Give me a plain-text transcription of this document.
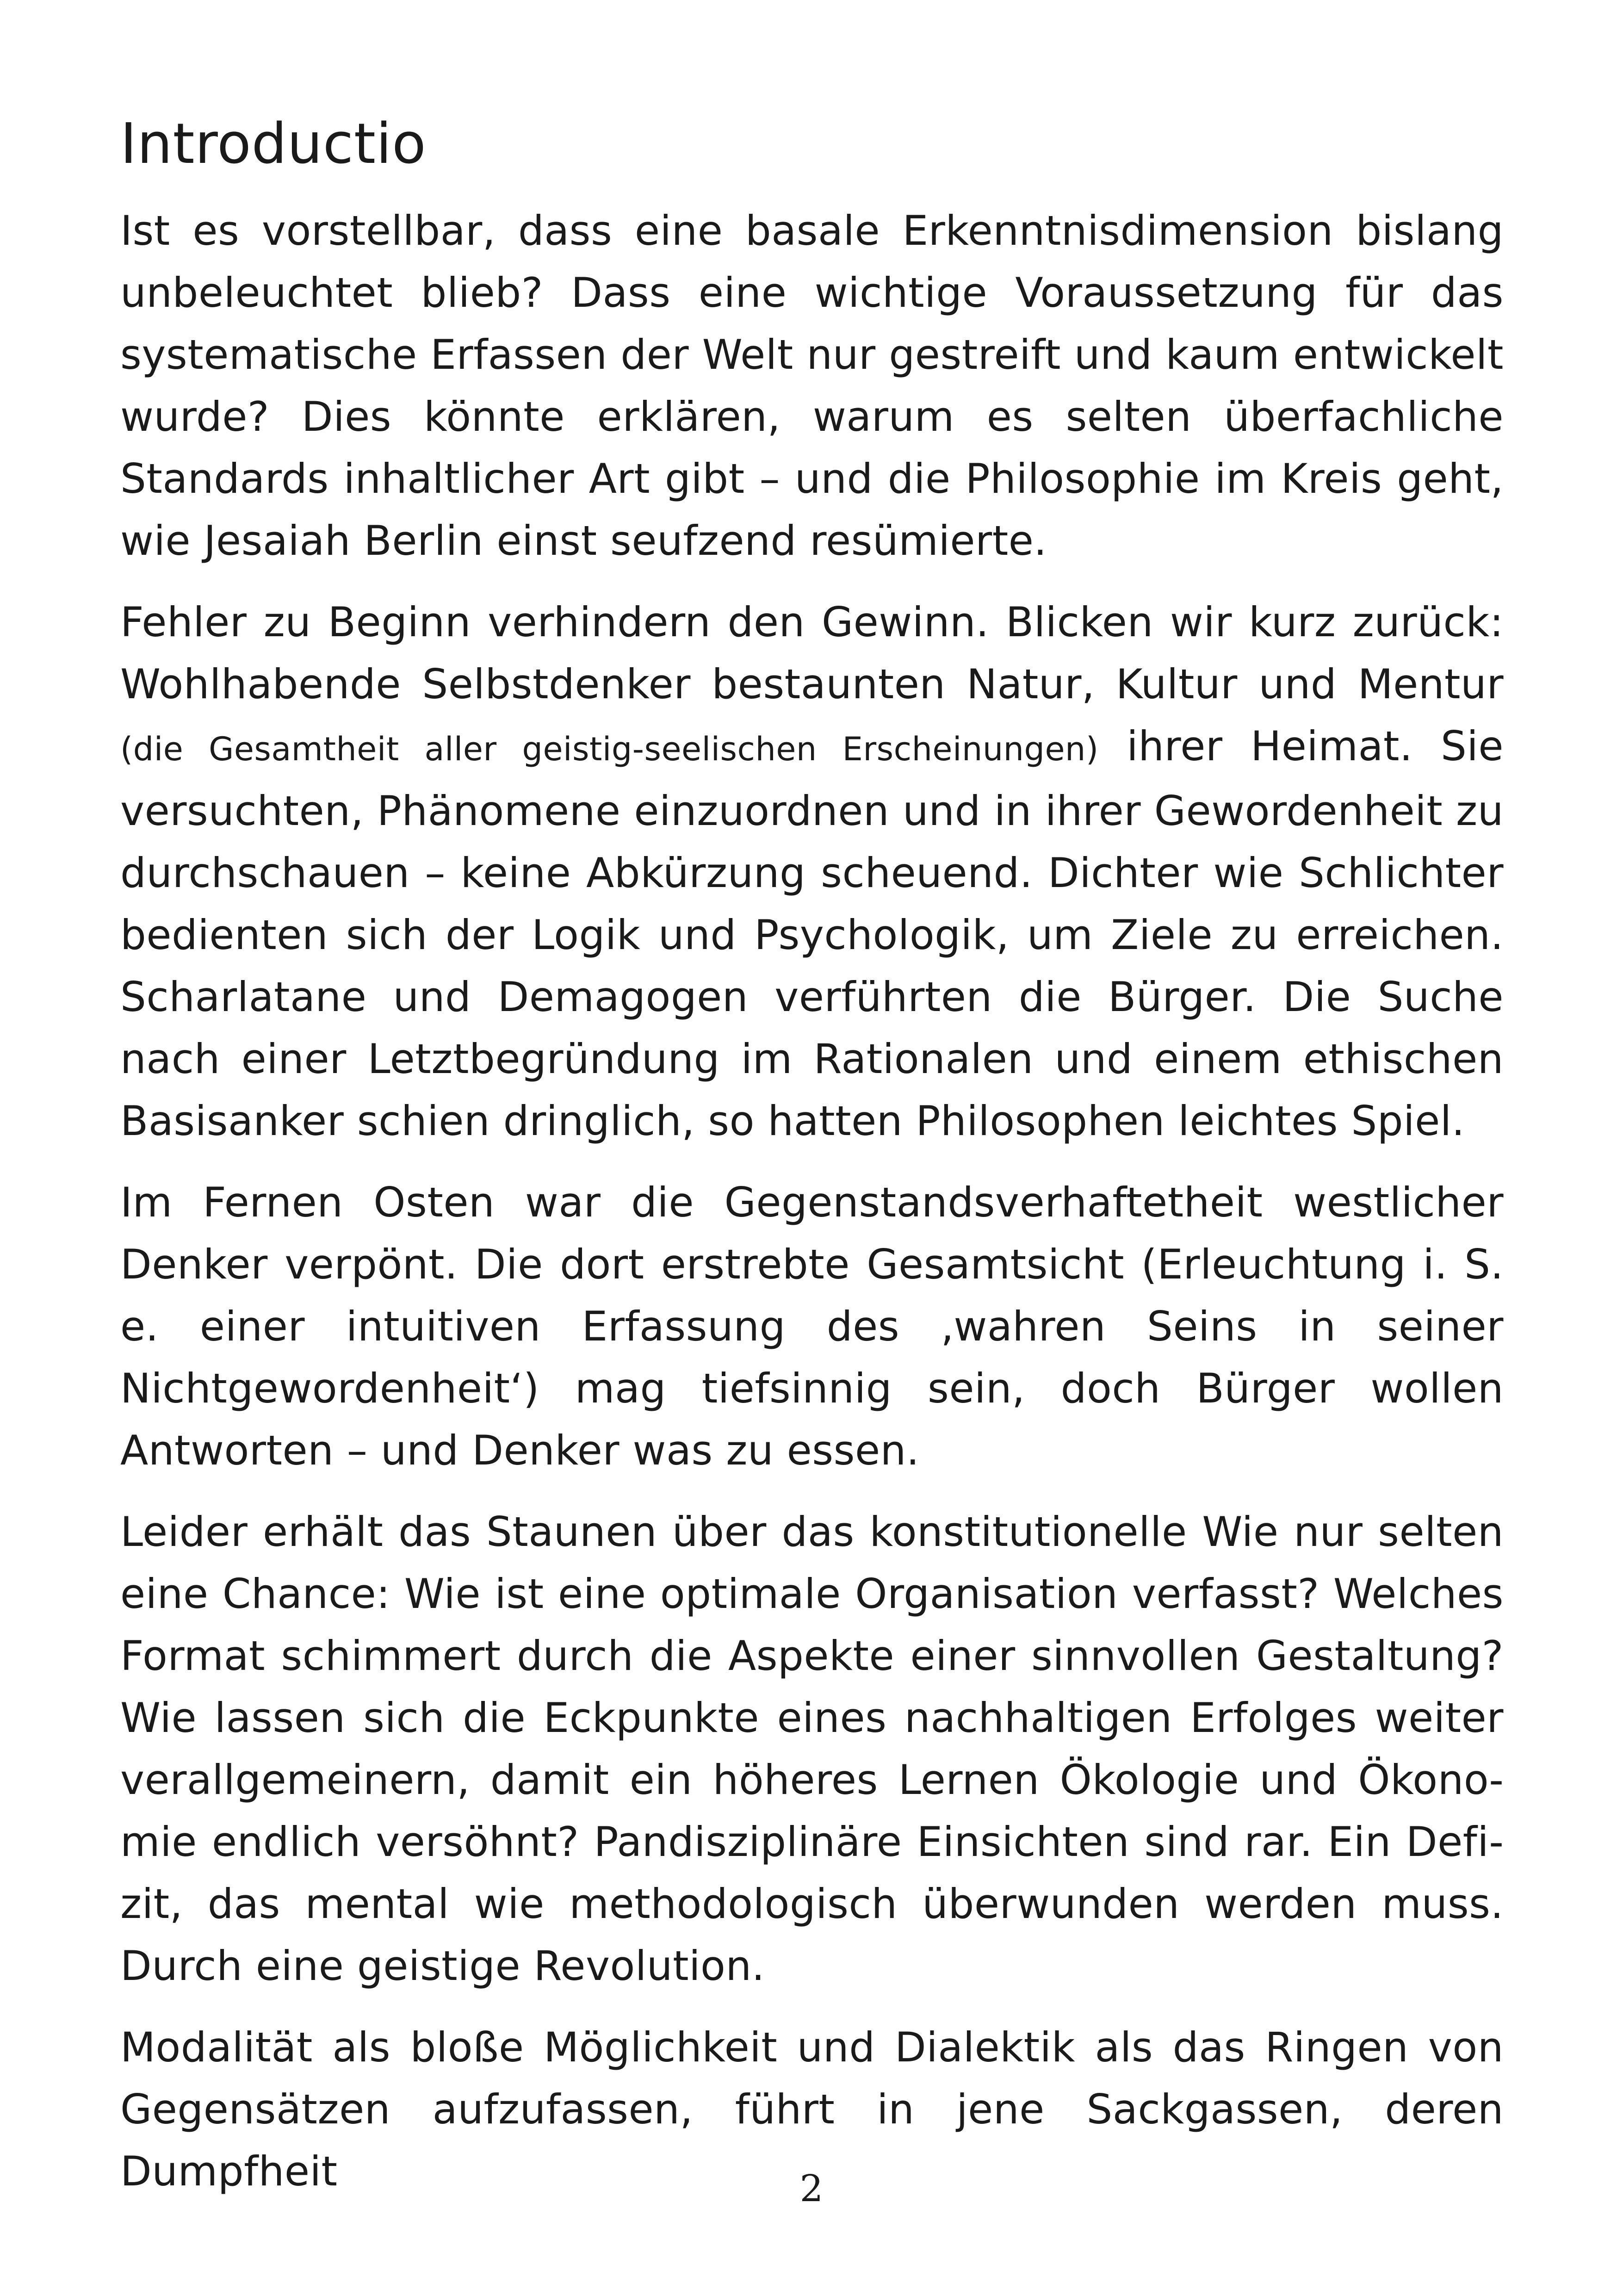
Introductio

Ist es vorstellbar, dass eine basale Erkenntnisdimension bislang unbeleuchtet blieb? Dass eine wichtige Voraussetzung für das systematische Erfassen der Welt nur gestreift und kaum entwickelt wurde? Dies könnte erklären, warum es selten überfachliche Standards inhaltlicher Art gibt – und die Philosophie im Kreis geht, wie Jesaiah Berlin einst seufzend resümierte.

Fehler zu Beginn verhindern den Gewinn. Blicken wir kurz zurück: Wohlhabende Selbstdenker bestaunten Natur, Kultur und Mentur (die Gesamtheit aller geistig-seelischen Erscheinungen) ihrer Heimat. Sie versuchten, Phänomene einzuordnen und in ihrer Gewordenheit zu durchschauen – keine Abkürzung scheuend. Dichter wie Schlichter bedienten sich der Logik und Psychologik, um Ziele zu erreichen. Scharlatane und Demagogen verführten die Bürger. Die Suche nach einer Letztbegründung im Rationalen und einem ethischen Basisanker schien dringlich, so hatten Philosophen leichtes Spiel.

Im Fernen Osten war die Gegenstandsverhaftetheit westlicher Denker verpönt. Die dort erstrebte Gesamtsicht (Erleuchtung i. S. e. einer intuitiven Erfassung des ‚wahren Seins in seiner Nichtgewordenheit‘) mag tiefsinnig sein, doch Bürger wollen Antworten – und Denker was zu essen.

Leider erhält das Staunen über das konstitutionelle Wie nur selten eine Chance: Wie ist eine optimale Organisation verfasst? Welches Format schimmert durch die Aspekte einer sinnvollen Gestaltung? Wie lassen sich die Eckpunkte eines nachhaltigen Erfolges weiter verallgemeinern, damit ein höheres Lernen Ökologie und Ökonomie endlich versöhnt? Pandisziplinäre Einsichten sind rar. Ein Defizit, das mental wie methodologisch überwunden werden muss. Durch eine geistige Revolution.

Modalität als bloße Möglichkeit und Dialektik als das Ringen von Gegensätzen aufzufassen, führt in jene Sackgassen, deren Dumpfheit	2
